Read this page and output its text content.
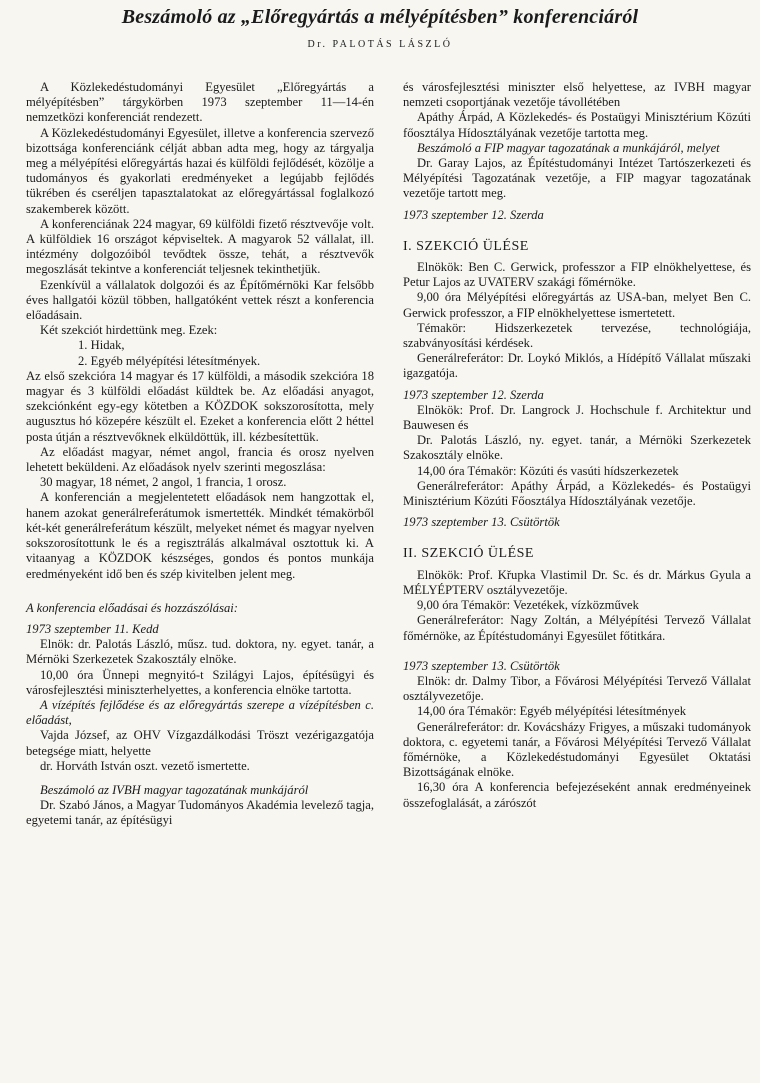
Beszámoló az „Előregyártás a mélyépítésben” konferenciáról
Dr. PALOTÁS LÁSZLÓ

A Közlekedéstudományi Egyesület „Előregyártás a mélyépítésben” tárgykörben 1973 szeptember 11—14-én nemzetközi konferenciát rendezett.

A Közlekedéstudományi Egyesület, illetve a konferencia szervező bizottsága konferenciánk célját abban adta meg, hogy az tárgyalja meg a mélyépítési előregyártás hazai és külföldi fejlődését, közölje a tudományos és gyakorlati eredményeket a legújabb fejlődés tükrében és cseréljen tapasztalatokat az előregyártással foglalkozó szakemberek között.

A konferenciának 224 magyar, 69 külföldi fizető résztvevője volt. A külföldiek 16 országot képviseltek. A magyarok 52 vállalat, ill. intézmény dolgozóiból tevődtek össze, tehát, a résztvevők megoszlását tekintve a konferenciát teljesnek tekinthetjük.

Ezenkívül a vállalatok dolgozói és az Építőmérnöki Kar felsőbb éves hallgatói közül többen, hallgatóként vettek részt a konferencia előadásain.

Két szekciót hirdettünk meg. Ezek:

1. Hidak,
2. Egyéb mélyépítési létesítmények.

Az első szekcióra 14 magyar és 17 külföldi, a második szekcióra 18 magyar és 3 külföldi előadást küldtek be. Az előadási anyagot, szekciónként egy-egy kötetben a KÖZDOK sokszorosította, mely augusztus hó közepére készült el. Ezeket a konferencia előtt 2 héttel posta útján a résztvevőknek elküldöttük, ill. kézbesítettük.

Az előadást magyar, német angol, francia és orosz nyelven lehetett beküldeni. Az előadások nyelv szerinti megoszlása:

30 magyar, 18 német, 2 angol, 1 francia, 1 orosz.

A konferencián a megjelentetett előadások nem hangzottak el, hanem azokat generálreferátumok ismertették. Mindkét témakörből két-két generálreferátum készült, melyeket német és magyar nyelven sokszorosítottunk le és a regisztrálás alkalmával osztottuk ki. A vitaanyag a KÖZDOK készséges, gondos és pontos munkája eredményeként idő ben és szép kivitelben jelent meg.

A konferencia előadásai és hozzászólásai:

1973 szeptember 11. Kedd

Elnök: dr. Palotás László, műsz. tud. doktora, ny. egyet. tanár, a Mérnöki Szerkezetek Szakosztály elnöke.

10,00 óra Ünnepi megnyitó-t Szilágyi Lajos, építésügyi és városfejlesztési miniszterhelyettes, a konferencia elnöke tartotta.

A vízépítés fejlődése és az előregyártás szerepe a vízépítésben c. előadást,

Vajda József, az OHV Vízgazdálkodási Tröszt vezérigazgatója betegsége miatt, helyette

dr. Horváth István oszt. vezető ismertette.

Beszámoló az IVBH magyar tagozatának munkájáról

Dr. Szabó János, a Magyar Tudományos Akadémia levelező tagja, egyetemi tanár, az építésügyi

és városfejlesztési miniszter első helyettese, az IVBH magyar nemzeti csoportjának vezetője távollétében

Apáthy Árpád, A Közlekedés- és Postaügyi Minisztérium Közúti főosztálya Hídosztályának vezetője tartotta meg.

Beszámoló a FIP magyar tagozatának a munkájáról, melyet

Dr. Garay Lajos, az Építéstudományi Intézet Tartószerkezeti és Mélyépítési Tagozatának vezetője, a FIP magyar tagozatának vezetője tartott meg.

1973 szeptember 12. Szerda

I. SZEKCIÓ ÜLÉSE

Elnökök: Ben C. Gerwick, professzor a FIP elnökhelyettese, és Petur Lajos az UVATERV szakági főmérnöke.

9,00 óra Mélyépítési előregyártás az USA-ban, melyet Ben C. Gerwick professzor, a FIP elnökhelyettese ismertetett.

Témakör: Hidszerkezetek tervezése, technológiája, szabványosítási kérdések.

Generálreferátor: Dr. Loykó Miklós, a Hídépítő Vállalat műszaki igazgatója.

1973 szeptember 12. Szerda

Elnökök: Prof. Dr. Langrock J. Hochschule f. Architektur und Bauwesen és

Dr. Palotás László, ny. egyet. tanár, a Mérnöki Szerkezetek Szakosztály elnöke.

14,00 óra Témakör: Közúti és vasúti hídszerkezetek

Generálreferátor: Apáthy Árpád, a Közlekedés- és Postaügyi Minisztérium Közúti Főosztálya Hídosztályának vezetője.

1973 szeptember 13. Csütörtök

II. SZEKCIÓ ÜLÉSE

Elnökök: Prof. Křupka Vlastimil Dr. Sc. és dr. Márkus Gyula a MÉLYÉPTERV osztályvezetője.

9,00 óra Témakör: Vezetékek, vízközművek

Generálreferátor: Nagy Zoltán, a Mélyépítési Tervező Vállalat főmérnöke, az Építéstudományi Egyesület főtitkára.

1973 szeptember 13. Csütörtök

Elnök: dr. Dalmy Tibor, a Fővárosi Mélyépítési Tervező Vállalat osztályvezetője.

14,00 óra Témakör: Egyéb mélyépítési létesítmények

Generálreferátor: dr. Kovácsházy Frigyes, a műszaki tudományok doktora, c. egyetemi tanár, a Fővárosi Mélyépítési Tervező Vállalat főmérnöke, a Közlekedéstudományi Egyesület Oktatási Bizottságának elnöke.

16,30 óra A konferencia befejezéseként annak eredményeinek összefoglalását, a zárószót
